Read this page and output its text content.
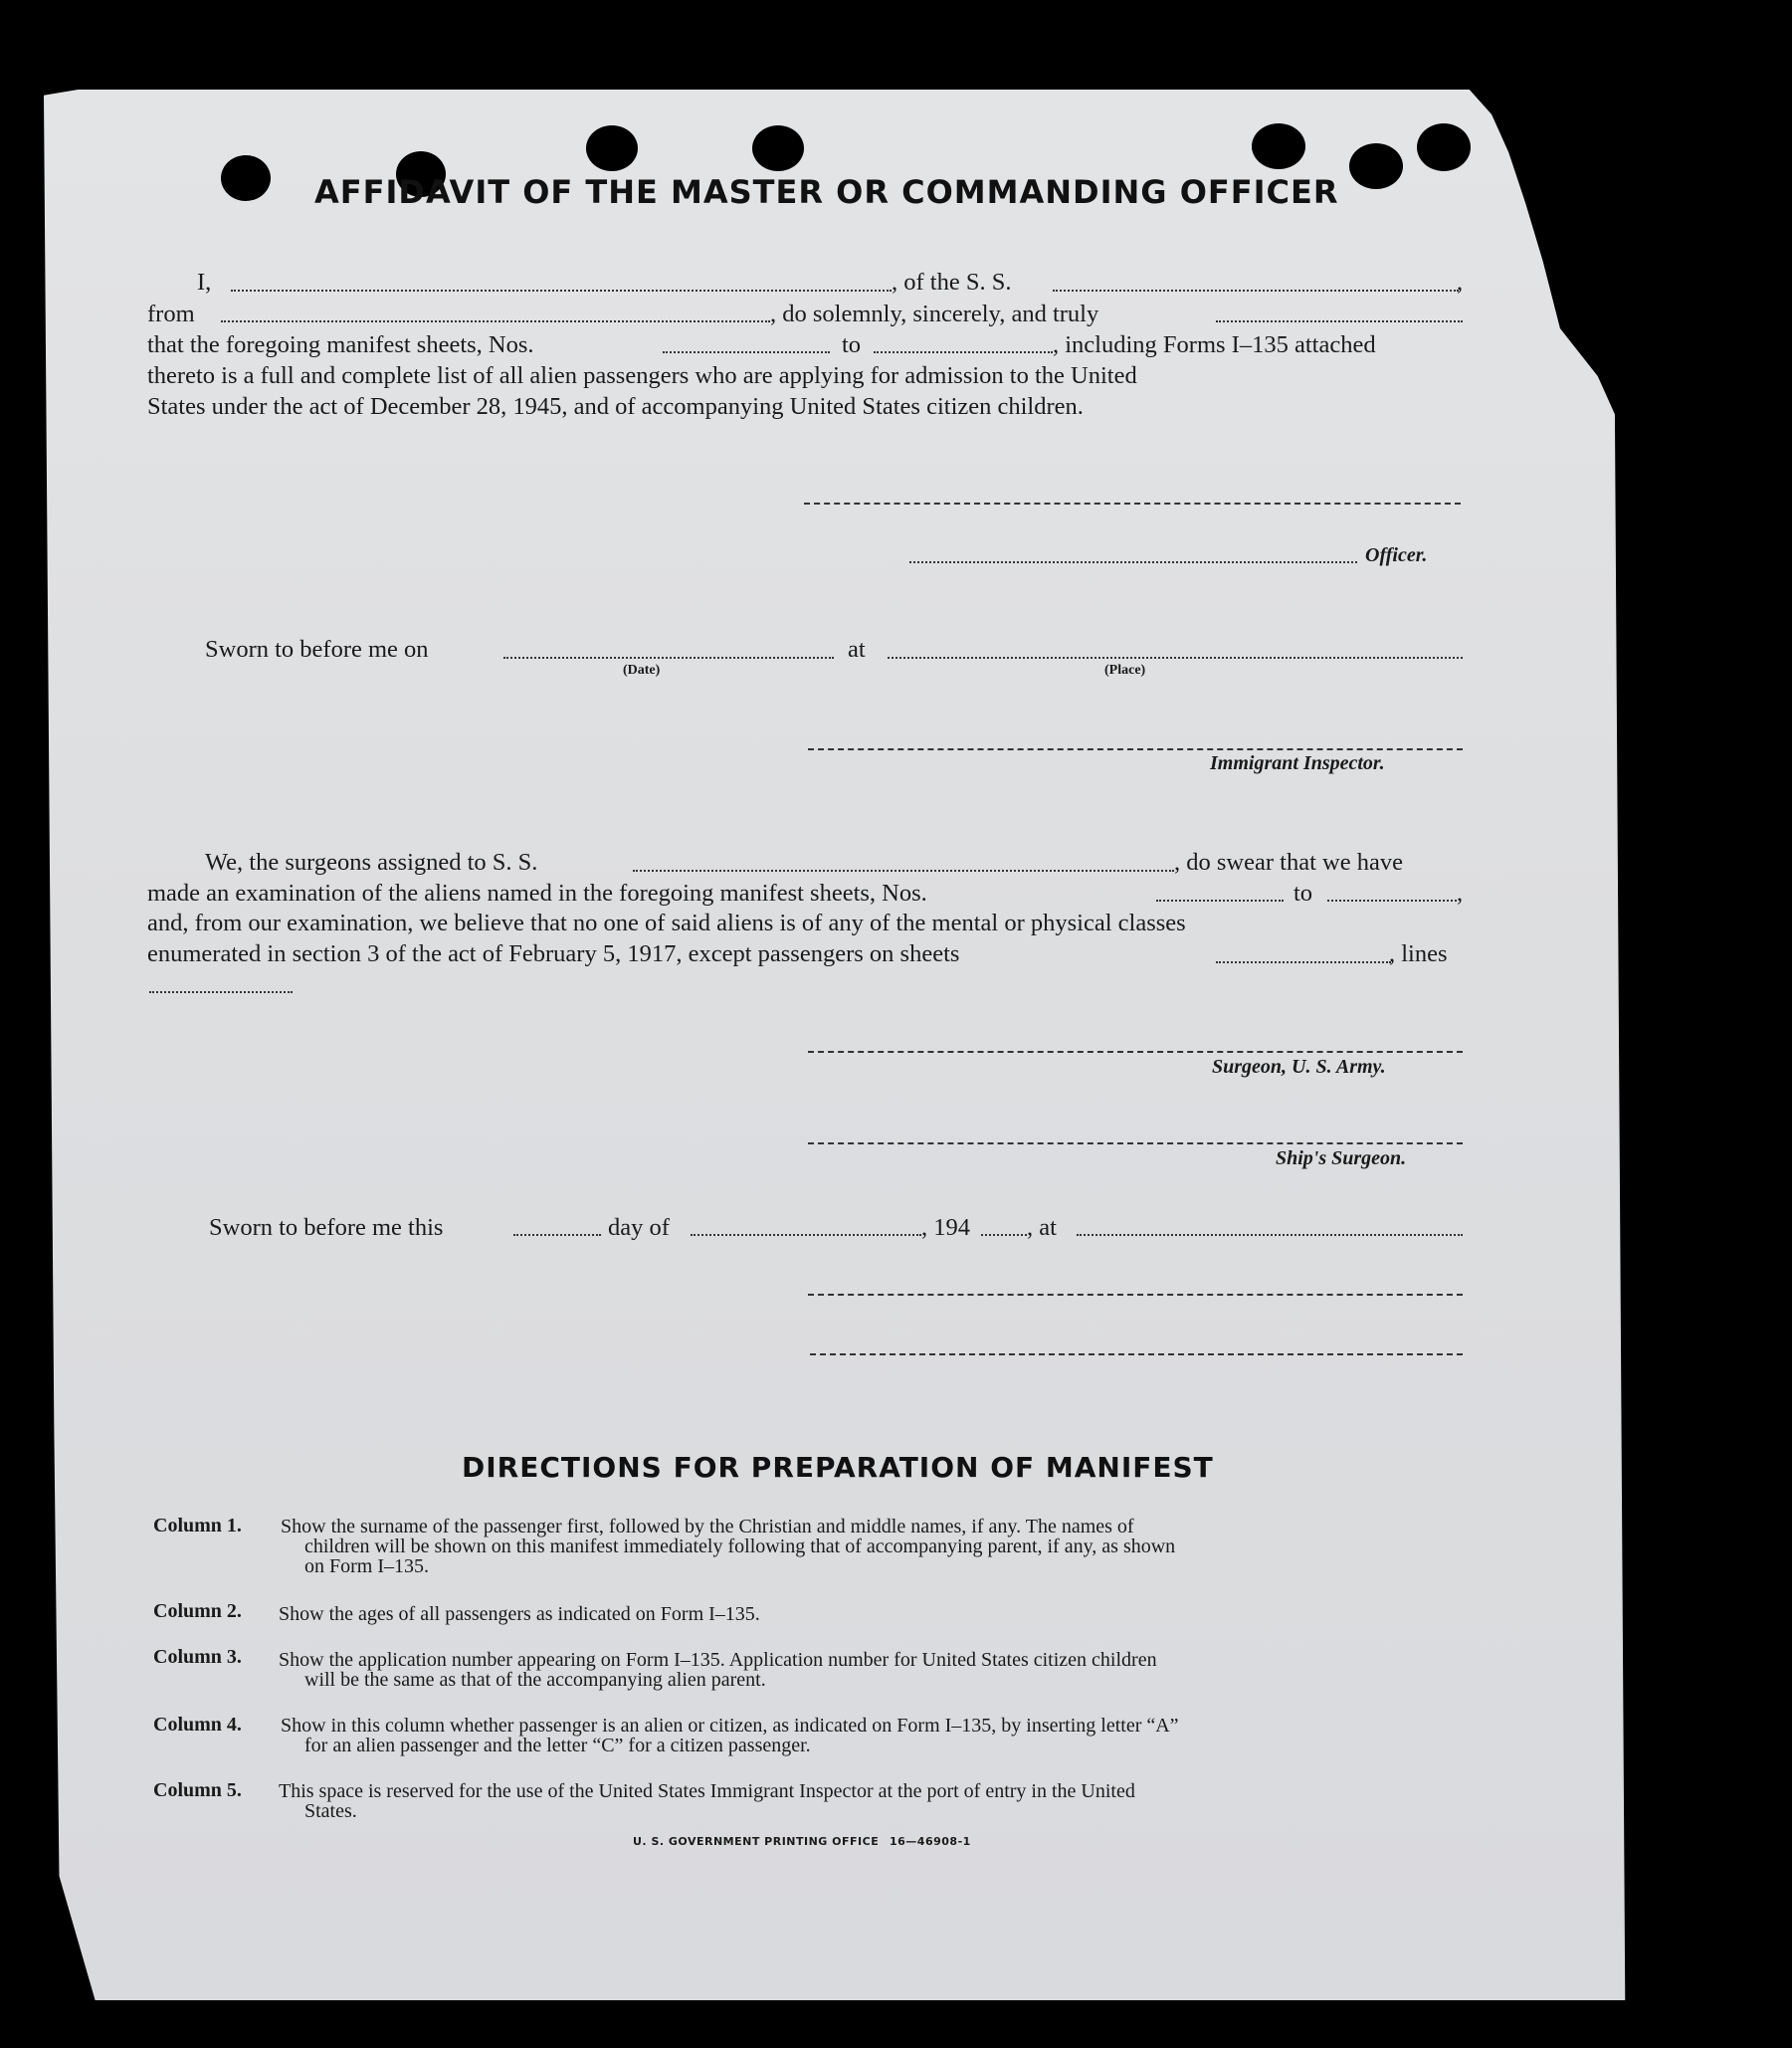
AFFIDAVIT OF THE MASTER OR COMMANDING OFFICER
I,	, of the S. S.	,
from	, do solemnly, sincerely, and truly
that the foregoing manifest sheets, Nos.	to	, including Forms I–135 attached
thereto is a full and complete list of all alien passengers who are applying for admission to the United
States under the act of December 28, 1945, and of accompanying United States citizen children.
Officer.
Sworn to before me on	at
(Date)	(Place)
Immigrant Inspector.
We, the surgeons assigned to S. S.	, do swear that we have
made an examination of the aliens named in the foregoing manifest sheets, Nos.	to	,
and, from our examination, we believe that no one of said aliens is of any of the mental or physical classes
enumerated in section 3 of the act of February 5, 1917, except passengers on sheets	, lines
Surgeon, U. S. Army.
Ship's Surgeon.
Sworn to before me this	day of	, 194 , at
DIRECTIONS FOR PREPARATION OF MANIFEST
Column 1. Show the surname of the passenger first, followed by the Christian and middle names, if any. The names of
children will be shown on this manifest immediately following that of accompanying parent, if any, as shown
on Form I–135.
Column 2. Show the ages of all passengers as indicated on Form I–135.
Column 3. Show the application number appearing on Form I–135. Application number for United States citizen children
will be the same as that of the accompanying alien parent.
Column 4. Show in this column whether passenger is an alien or citizen, as indicated on Form I–135, by inserting letter “A”
for an alien passenger and the letter “C” for a citizen passenger.
Column 5. This space is reserved for the use of the United States Immigrant Inspector at the port of entry in the United
States.
U. S. GOVERNMENT PRINTING OFFICE 16—46908-1
